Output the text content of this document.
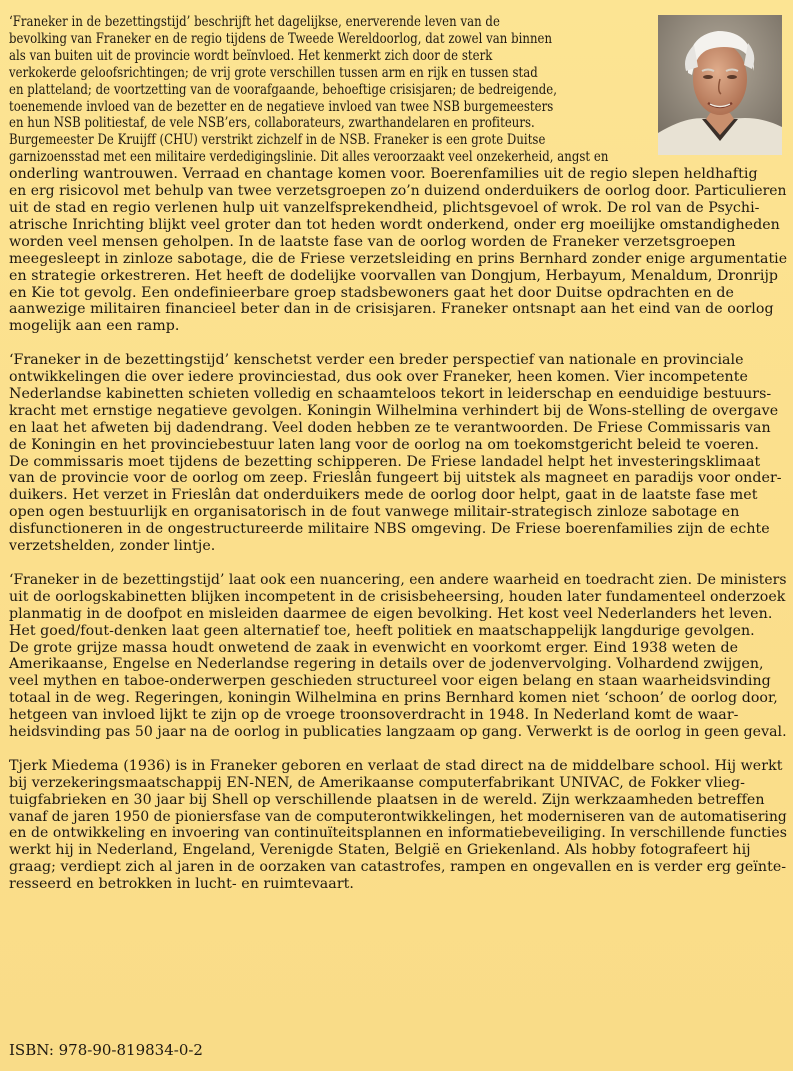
‘Franeker in de bezettingstijd’ beschrijft het dagelijkse, enerverende leven van de
bevolking van Franeker en de regio tijdens de Tweede Wereldoorlog, dat zowel van binnen
als van buiten uit de provincie wordt beïnvloed. Het kenmerkt zich door de sterk
verkokerde geloofsrichtingen; de vrij grote verschillen tussen arm en rijk en tussen stad
en platteland; de voortzetting van de voorafgaande, behoeftige crisisjaren; de bedreigende,
toenemende invloed van de bezetter en de negatieve invloed van twee NSB burgemeesters
en hun NSB politiestaf, de vele NSB’ers, collaborateurs, zwarthandelaren en profiteurs.
Burgemeester De Kruijff (CHU) verstrikt zichzelf in de NSB. Franeker is een grote Duitse
garnizoensstad met een militaire verdedigingslinie. Dit alles veroorzaakt veel onzekerheid, angst en
onderling wantrouwen. Verraad en chantage komen voor. Boerenfamilies uit de regio slepen heldhaftig
en erg risicovol met behulp van twee verzetsgroepen zo’n duizend onderduikers de oorlog door. Particulieren
uit de stad en regio verlenen hulp uit vanzelfsprekendheid, plichtsgevoel of wrok. De rol van de Psychi-
atrische Inrichting blijkt veel groter dan tot heden wordt onderkend, onder erg moeilijke omstandigheden
worden veel mensen geholpen. In de laatste fase van de oorlog worden de Franeker verzetsgroepen
meegesleept in zinloze sabotage, die de Friese verzetsleiding en prins Bernhard zonder enige argumentatie
en strategie orkestreren. Het heeft de dodelijke voorvallen van Dongjum, Herbayum, Menaldum, Dronrijp
en Kie tot gevolg. Een ondefinieerbare groep stadsbewoners gaat het door Duitse opdrachten en de
aanwezige militairen financieel beter dan in de crisisjaren. Franeker ontsnapt aan het eind van de oorlog
mogelijk aan een ramp.

‘Franeker in de bezettingstijd’ kenschetst verder een breder perspectief van nationale en provinciale
ontwikkelingen die over iedere provinciestad, dus ook over Franeker, heen komen. Vier incompetente
Nederlandse kabinetten schieten volledig en schaamteloos tekort in leiderschap en eenduidige bestuurs-
kracht met ernstige negatieve gevolgen. Koningin Wilhelmina verhindert bij de Wons-stelling de overgave
en laat het afweten bij dadendrang. Veel doden hebben ze te verantwoorden. De Friese Commissaris van
de Koningin en het provinciebestuur laten lang voor de oorlog na om toekomstgericht beleid te voeren.
De commissaris moet tijdens de bezetting schipperen. De Friese landadel helpt het investeringsklimaat
van de provincie voor de oorlog om zeep. Frieslân fungeert bij uitstek als magneet en paradijs voor onder-
duikers. Het verzet in Frieslân dat onderduikers mede de oorlog door helpt, gaat in de laatste fase met
open ogen bestuurlijk en organisatorisch in de fout vanwege militair-strategisch zinloze sabotage en
disfunctioneren in de ongestructureerde militaire NBS omgeving. De Friese boerenfamilies zijn de echte
verzetshelden, zonder lintje.

‘Franeker in de bezettingstijd’ laat ook een nuancering, een andere waarheid en toedracht zien. De ministers
uit de oorlogskabinetten blijken incompetent in de crisisbeheersing, houden later fundamenteel onderzoek
planmatig in de doofpot en misleiden daarmee de eigen bevolking. Het kost veel Nederlanders het leven.
Het goed/fout-denken laat geen alternatief toe, heeft politiek en maatschappelijk langdurige gevolgen.
De grote grijze massa houdt onwetend de zaak in evenwicht en voorkomt erger. Eind 1938 weten de
Amerikaanse, Engelse en Nederlandse regering in details over de jodenvervolging. Volhardend zwijgen,
veel mythen en taboe-onderwerpen geschieden structureel voor eigen belang en staan waarheidsvinding
totaal in de weg. Regeringen, koningin Wilhelmina en prins Bernhard komen niet ‘schoon’ de oorlog door,
hetgeen van invloed lijkt te zijn op de vroege troonsoverdracht in 1948. In Nederland komt de waar-
heidsvinding pas 50 jaar na de oorlog in publicaties langzaam op gang. Verwerkt is de oorlog in geen geval.

Tjerk Miedema (1936) is in Franeker geboren en verlaat de stad direct na de middelbare school. Hij werkt
bij verzekeringsmaatschappij EN-NEN, de Amerikaanse computerfabrikant UNIVAC, de Fokker vlieg-
tuigfabrieken en 30 jaar bij Shell op verschillende plaatsen in de wereld. Zijn werkzaamheden betreffen
vanaf de jaren 1950 de pioniersfase van de computerontwikkelingen, het moderniseren van de automatisering
en de ontwikkeling en invoering van continuïteitsplannen en informatiebeveiliging. In verschillende functies
werkt hij in Nederland, Engeland, Verenigde Staten, België en Griekenland. Als hobby fotografeert hij
graag; verdiept zich al jaren in de oorzaken van catastrofes, rampen en ongevallen en is verder erg geïnte-
resseerd en betrokken in lucht- en ruimtevaart.

ISBN: 978-90-819834-0-2
